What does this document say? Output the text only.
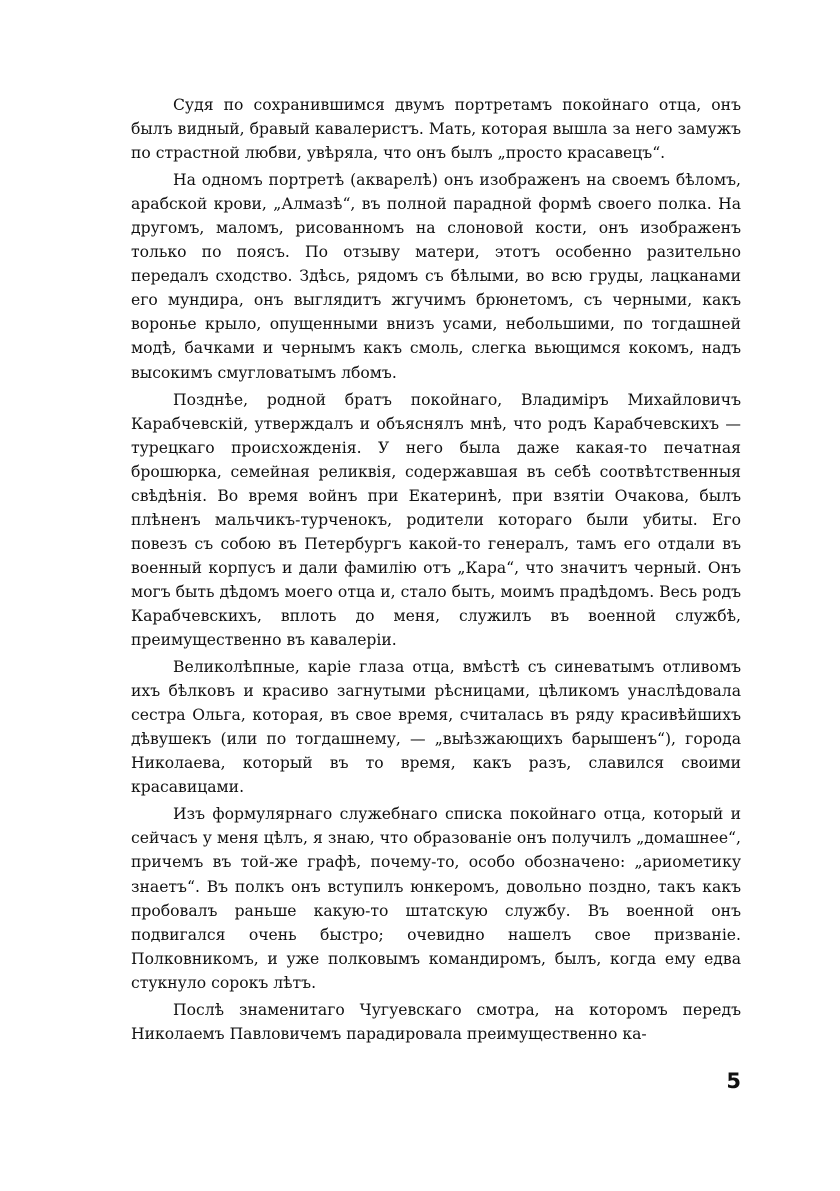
Судя по сохранившимся двумъ портретамъ покойнаго отца, онъ былъ видный, бравый кавалеристъ. Мать, которая вышла за него замужъ по страстной любви, увѣряла, что онъ былъ „просто красавецъ“.

На одномъ портретѣ (акварелѣ) онъ изображенъ на своемъ бѣломъ, арабской крови, „Алмазѣ“, въ полной парадной формѣ своего полка. На другомъ, маломъ, рисованномъ на слоновой кости, онъ изображенъ только по поясъ. По отзыву матери, этотъ особенно разительно передалъ сходство. Здѣсь, рядомъ съ бѣлыми, во всю груды, лацканами его мундира, онъ выглядитъ жгучимъ брюнетомъ, съ черными, какъ воронье крыло, опущенными внизъ усами, небольшими, по тогдашней модѣ, бачками и чернымъ какъ смоль, слегка вьющимся кокомъ, надъ высокимъ смугловатымъ лбомъ.

Позднѣе, родной братъ покойнаго, Владимiръ Михайловичъ Карабчевскiй, утверждалъ и объяснялъ мнѣ, что родъ Карабчевскихъ — турецкаго происхожденiя. У него была даже какая-то печатная брошюрка, семейная реликвiя, содержавшая въ себѣ соотвѣтственныя свѣдѣнiя. Во время войнъ при Екатеринѣ, при взятiи Очакова, былъ плѣненъ мальчикъ-турченокъ, родители котораго были убиты. Его повезъ съ собою въ Петербургъ какой-то генералъ, тамъ его отдали въ военный корпусъ и дали фамилiю отъ „Кара“, что значитъ черный. Онъ могъ быть дѣдомъ моего отца и, стало быть, моимъ прадѣдомъ. Весь родъ Карабчевскихъ, вплоть до меня, служилъ въ военной службѣ, преимущественно въ кавалерiи.

Великолѣпные, карiе глаза отца, вмѣстѣ съ синеватымъ отливомъ ихъ бѣлковъ и красиво загнутыми рѣсницами, цѣликомъ унаслѣдовала сестра Ольга, которая, въ свое время, считалась въ ряду красивѣйшихъ дѣвушекъ (или по тогдашнему, — „выѣзжающихъ барышенъ“), города Николаева, который въ то время, какъ разъ, славился своими красавицами.

Изъ формулярнаго служебнаго списка покойнаго отца, который и сейчасъ у меня цѣлъ, я знаю, что образованiе онъ получилъ „домашнее“, причемъ въ той-же графѣ, почему-то, особо обозначено: „ариометику знаетъ“. Въ полкъ онъ вступилъ юнкеромъ, довольно поздно, такъ какъ пробовалъ раньше какую-то штатскую службу. Въ военной онъ подвигался очень быстро; очевидно нашелъ свое призванiе. Полковникомъ, и уже полковымъ командиромъ, былъ, когда ему едва стукнуло сорокъ лѣтъ.

Послѣ знаменитаго Чугуевскаго смотра, на которомъ передъ Николаемъ Павловичемъ парадировала преимущественно ка-

5
